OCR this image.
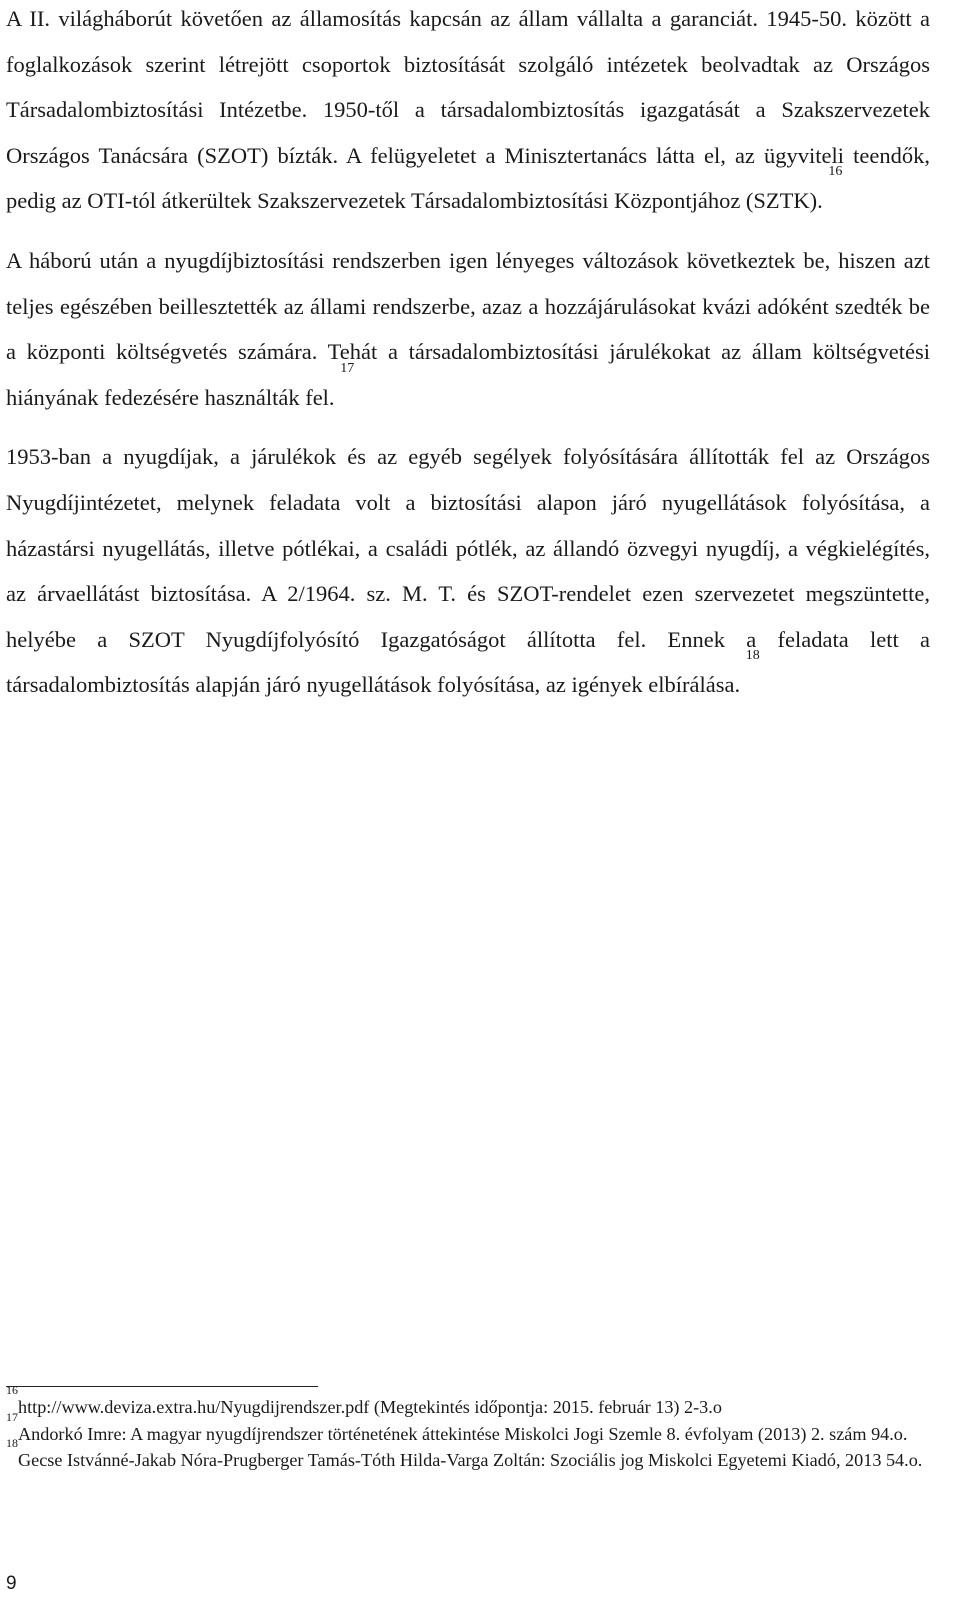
A II. világháborút követően az államosítás kapcsán az állam vállalta a garanciát. 1945-50. között a foglalkozások szerint létrejött csoportok biztosítását szolgáló intézetek beolvadtak az Országos Társadalombiztosítási Intézetbe. 1950-től a társadalombiztosítás igazgatását a Szakszervezetek Országos Tanácsára (SZOT) bízták. A felügyeletet a Minisztertanács látta el, az ügyviteli teendők, pedig az OTI-tól átkerültek Szakszervezetek Társadalombiztosítási Központjához (SZTK). $^{16}$

A háború után a nyugdíjbiztosítási rendszerben igen lényeges változások következtek be, hiszen azt teljes egészében beillesztették az állami rendszerbe, azaz a hozzájárulásokat kvázi adóként szedték be a központi költségvetés számára. Tehát a társadalombiztosítási járulékokat az állam költségvetési hiányának fedezésére használták fel. $^{17}$

1953-ban a nyugdíjak, a járulékok és az egyéb segélyek folyósítására állították fel az Országos Nyugdíjintézetet, melynek feladata volt a biztosítási alapon járó nyugellátások folyósítása, a házastársi nyugellátás, illetve pótlékai, a családi pótlék, az állandó özvegyi nyugdíj, a végkielégítés, az árvaellátást biztosítása. A 2/1964. sz. M. T. és SZOT-rendelet ezen szervezetet megszüntette, helyébe a SZOT Nyugdíjfolyósító Igazgatóságot állította fel. Ennek a feladata lett a társadalombiztosítás alapján járó nyugellátások folyósítása, az igények elbírálása. $^{18}$

$^{16}$http://www.deviza.extra.hu/Nyugdijrendszer.pdf (Megtekintés időpontja: 2015. február 13) 2-3.o

$^{17}$Andorkó Imre: A magyar nyugdíjrendszer történetének áttekintése Miskolci Jogi Szemle 8. évfolyam (2013) 2. szám 94.o.

$^{18}$Gecse Istvánné-Jakab Nóra-Prugberger Tamás-Tóth Hilda-Varga Zoltán: Szociális jog Miskolci Egyetemi Kiadó, 2013 54.o.

9
